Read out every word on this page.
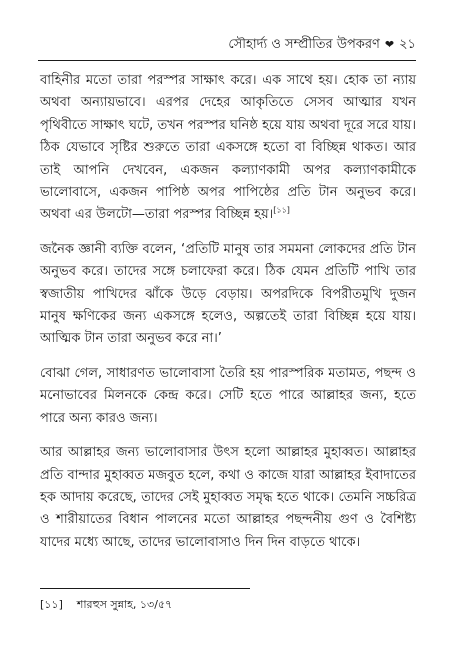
সৌহার্দ্য ও সম্প্রীতির উপকরণ ❤ ২১

বাহিনীর মতো তারা পরস্পর সাক্ষাৎ করে। এক সাথে হয়। হোক তা ন্যায় অথবা অন্যায়ভাবে। এরপর দেহের আকৃতিতে সেসব আত্মার যখন পৃথিবীতে সাক্ষাৎ ঘটে, তখন পরস্পর ঘনিষ্ঠ হয়ে যায় অথবা দূরে সরে যায়। ঠিক যেভাবে সৃষ্টির শুরুতে তারা একসঙ্গে হতো বা বিচ্ছিন্ন থাকত। আর তাই আপনি দেখবেন, একজন কল্যাণকামী অপর কল্যাণকামীকে ভালোবাসে, একজন পাপিষ্ঠ অপর পাপিষ্ঠের প্রতি টান অনুভব করে। অথবা এর উলটো—তারা পরস্পর বিচ্ছিন্ন হয়।[১১]

জনৈক জ্ঞানী ব্যক্তি বলেন, ‘প্রতিটি মানুষ তার সমমনা লোকদের প্রতি টান অনুভব করে। তাদের সঙ্গে চলাফেরা করে। ঠিক যেমন প্রতিটি পাখি তার স্বজাতীয় পাখিদের ঝাঁকে উড়ে বেড়ায়। অপরদিকে বিপরীতমুখি দুজন মানুষ ক্ষণিকের জন্য একসঙ্গে হলেও, অল্পতেই তারা বিচ্ছিন্ন হয়ে যায়। আত্মিক টান তারা অনুভব করে না।’

বোঝা গেল, সাধারণত ভালোবাসা তৈরি হয় পারস্পরিক মতামত, পছন্দ ও মনোভাবের মিলনকে কেন্দ্র করে। সেটি হতে পারে আল্লাহর জন্য, হতে পারে অন্য কারও জন্য।

আর আল্লাহর জন্য ভালোবাসার উৎস হলো আল্লাহর মুহাব্বত। আল্লাহর প্রতি বান্দার মুহাব্বত মজবুত হলে, কথা ও কাজে যারা আল্লাহর ইবাদাতের হক আদায় করেছে, তাদের সেই মুহাব্বত সমৃদ্ধ হতে থাকে। তেমনি সচ্চরিত্র ও শারীয়াতের বিধান পালনের মতো আল্লাহর পছন্দনীয় গুণ ও বৈশিষ্ট্য যাদের মধ্যে আছে, তাদের ভালোবাসাও দিন দিন বাড়তে থাকে।

[১১] শারহুস সুন্নাহ, ১৩/৫৭
